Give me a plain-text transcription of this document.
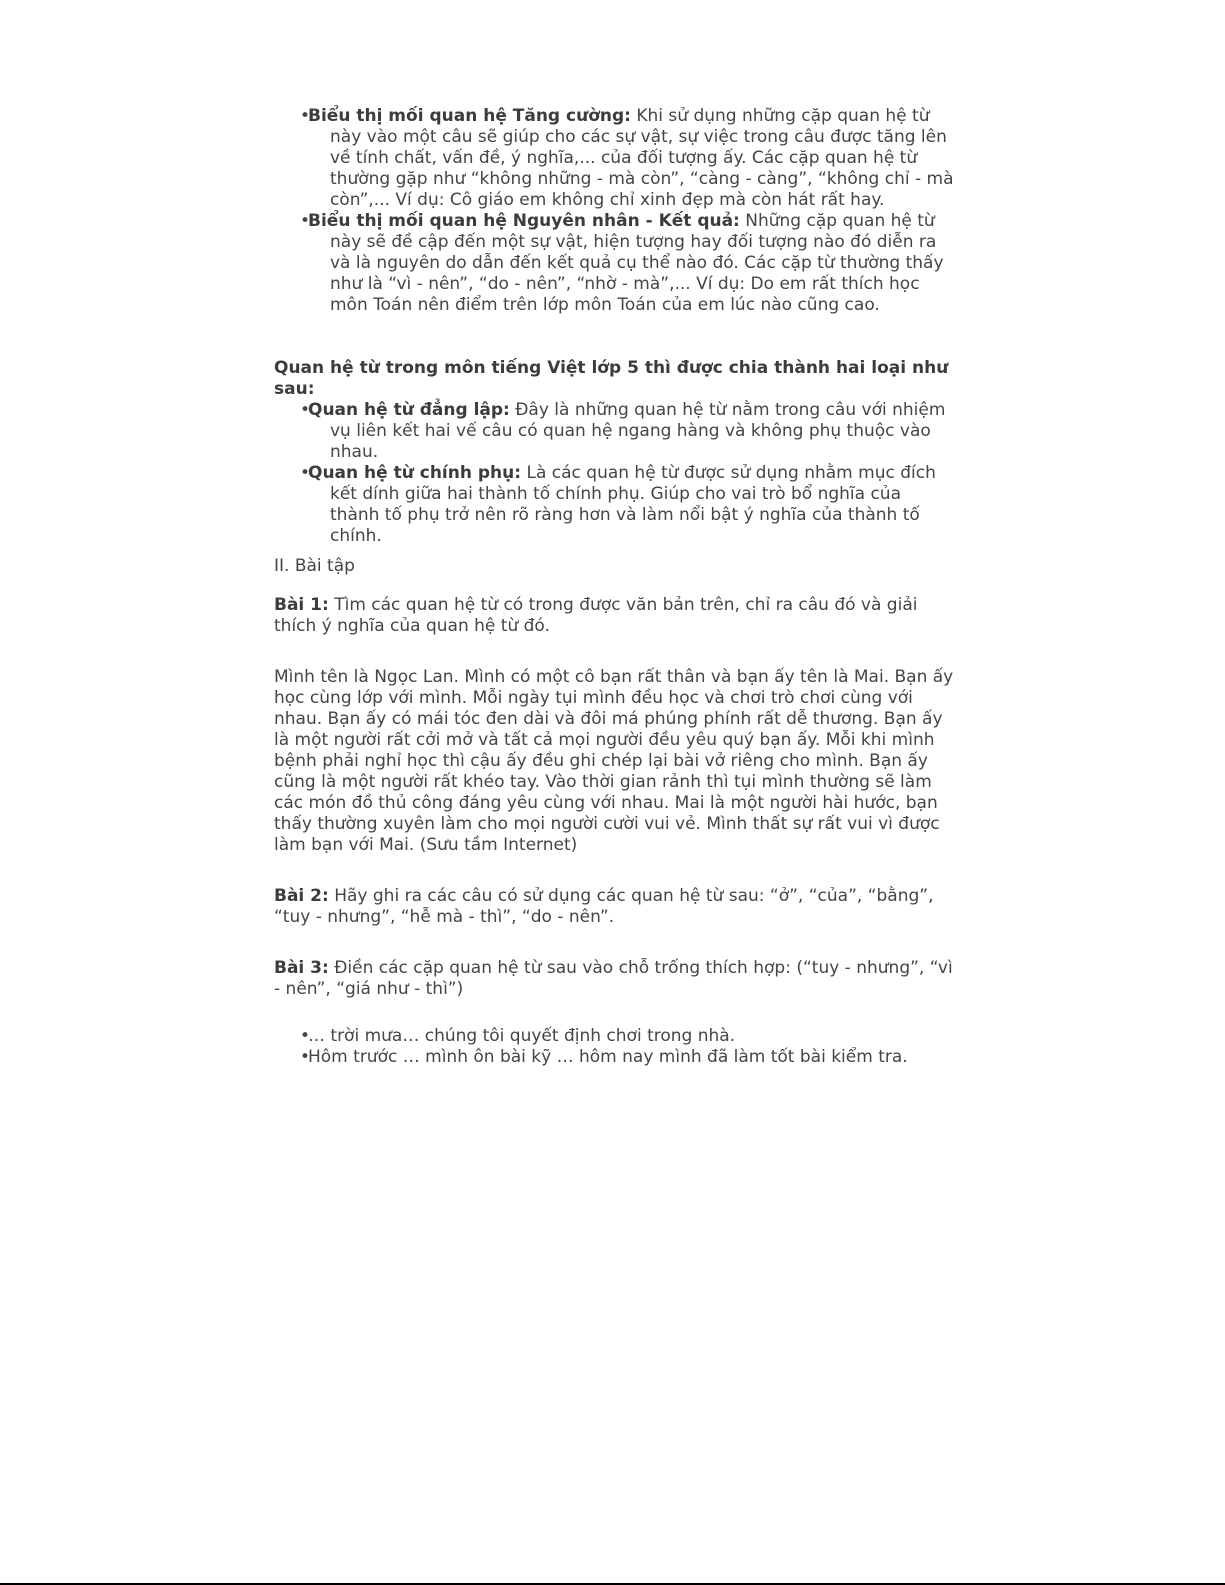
•Biểu thị mối quan hệ Tăng cường: Khi sử dụng những cặp quan hệ từ này vào một câu sẽ giúp cho các sự vật, sự việc trong câu được tăng lên về tính chất, vấn đề, ý nghĩa,... của đối tượng ấy. Các cặp quan hệ từ thường gặp như “không những - mà còn”, “càng - càng”, “không chỉ - mà còn”,... Ví dụ: Cô giáo em không chỉ xinh đẹp mà còn hát rất hay.
•Biểu thị mối quan hệ Nguyên nhân - Kết quả: Những cặp quan hệ từ này sẽ đề cập đến một sự vật, hiện tượng hay đối tượng nào đó diễn ra và là nguyên do dẫn đến kết quả cụ thể nào đó. Các cặp từ thường thấy như là “vì - nên”, “do - nên”, “nhờ - mà”,... Ví dụ: Do em rất thích học môn Toán nên điểm trên lớp môn Toán của em lúc nào cũng cao.

Quan hệ từ trong môn tiếng Việt lớp 5 thì được chia thành hai loại như sau:

•Quan hệ từ đẳng lập: Đây là những quan hệ từ nằm trong câu với nhiệm vụ liên kết hai vế câu có quan hệ ngang hàng và không phụ thuộc vào nhau.
•Quan hệ từ chính phụ: Là các quan hệ từ được sử dụng nhằm mục đích kết dính giữa hai thành tố chính phụ. Giúp cho vai trò bổ nghĩa của thành tố phụ trở nên rõ ràng hơn và làm nổi bật ý nghĩa của thành tố chính.

II. Bài tập

Bài 1: Tìm các quan hệ từ có trong được văn bản trên, chỉ ra câu đó và giải thích ý nghĩa của quan hệ từ đó.

Mình tên là Ngọc Lan. Mình có một cô bạn rất thân và bạn ấy tên là Mai. Bạn ấy học cùng lớp với mình. Mỗi ngày tụi mình đều học và chơi trò chơi cùng với nhau. Bạn ấy có mái tóc đen dài và đôi má phúng phính rất dễ thương. Bạn ấy là một người rất cởi mở và tất cả mọi người đều yêu quý bạn ấy. Mỗi khi mình bệnh phải nghỉ học thì cậu ấy đều ghi chép lại bài vở riêng cho mình. Bạn ấy cũng là một người rất khéo tay. Vào thời gian rảnh thì tụi mình thường sẽ làm các món đồ thủ công đáng yêu cùng với nhau. Mai là một người hài hước, bạn thấy thường xuyên làm cho mọi người cười vui vẻ. Mình thất sự rất vui vì được làm bạn với Mai. (Sưu tầm Internet)

Bài 2: Hãy ghi ra các câu có sử dụng các quan hệ từ sau: “ở”, “của”, “bằng”, “tuy - nhưng”, “hễ mà - thì”, “do - nên”.

Bài 3: Điền các cặp quan hệ từ sau vào chỗ trống thích hợp: (“tuy - nhưng”, “vì - nên”, “giá như - thì”)

•… trời mưa… chúng tôi quyết định chơi trong nhà.
•Hôm trước … mình ôn bài kỹ … hôm nay mình đã làm tốt bài kiểm tra.
